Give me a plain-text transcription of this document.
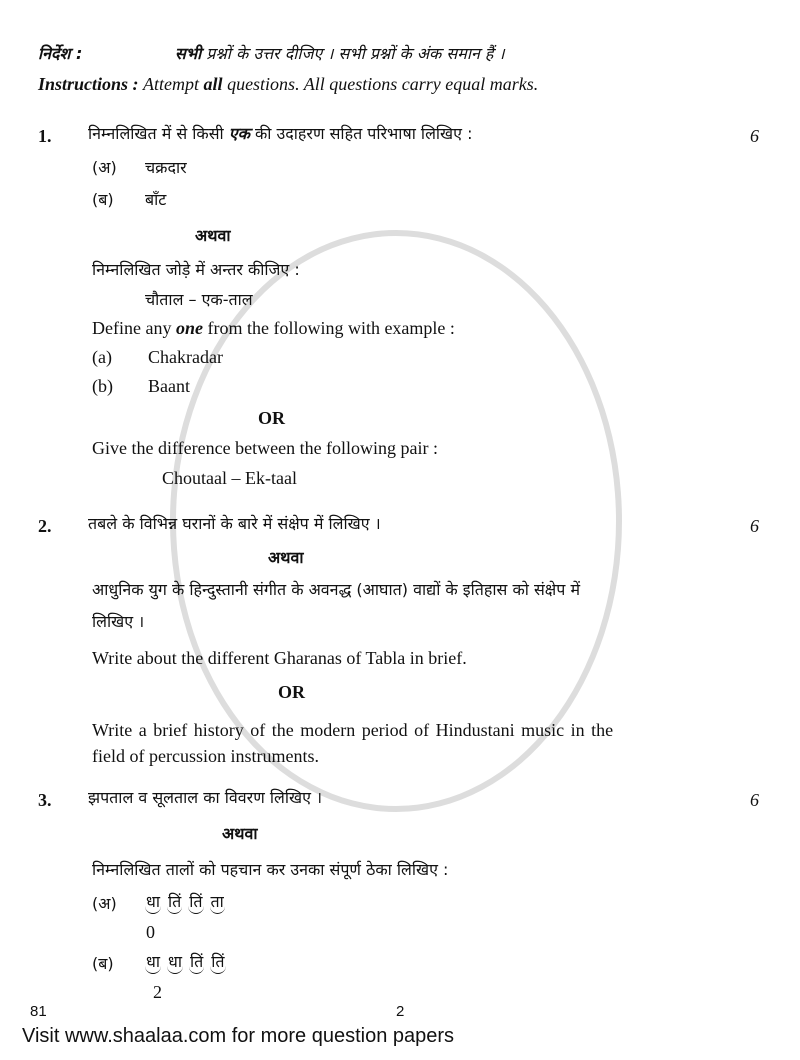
निर्देश :	सभी प्रश्नों के उत्तर दीजिए । सभी प्रश्नों के अंक समान हैं ।
Instructions : Attempt all questions. All questions carry equal marks.
1. निम्नलिखित में से किसी एक की उदाहरण सहित परिभाषा लिखिए :	6
(अ) चक्रदार
(ब) बाँट
अथवा
निम्नलिखित जोड़े में अन्तर कीजिए :
चौताल – एक-ताल
Define any one from the following with example :
(a) Chakradar
(b) Baant
OR
Give the difference between the following pair :
Choutaal – Ek-taal
2. तबले के विभिन्न घरानों के बारे में संक्षेप में लिखिए ।	6
अथवा
आधुनिक युग के हिन्दुस्तानी संगीत के अवनद्ध (आघात) वाद्यों के इतिहास को संक्षेप में
लिखिए ।
Write about the different Gharanas of Tabla in brief.
OR
Write a brief history of the modern period of Hindustani music in the
field of percussion instruments.
3. झपताल व सूलताल का विवरण लिखिए ।	6
अथवा
निम्नलिखित तालों को पहचान कर उनका संपूर्ण ठेका लिखिए :
(अ) धा तिं तिं ता
0
(ब) धा धा तिं तिं
2
81	2
Visit www.shaalaa.com for more question papers
